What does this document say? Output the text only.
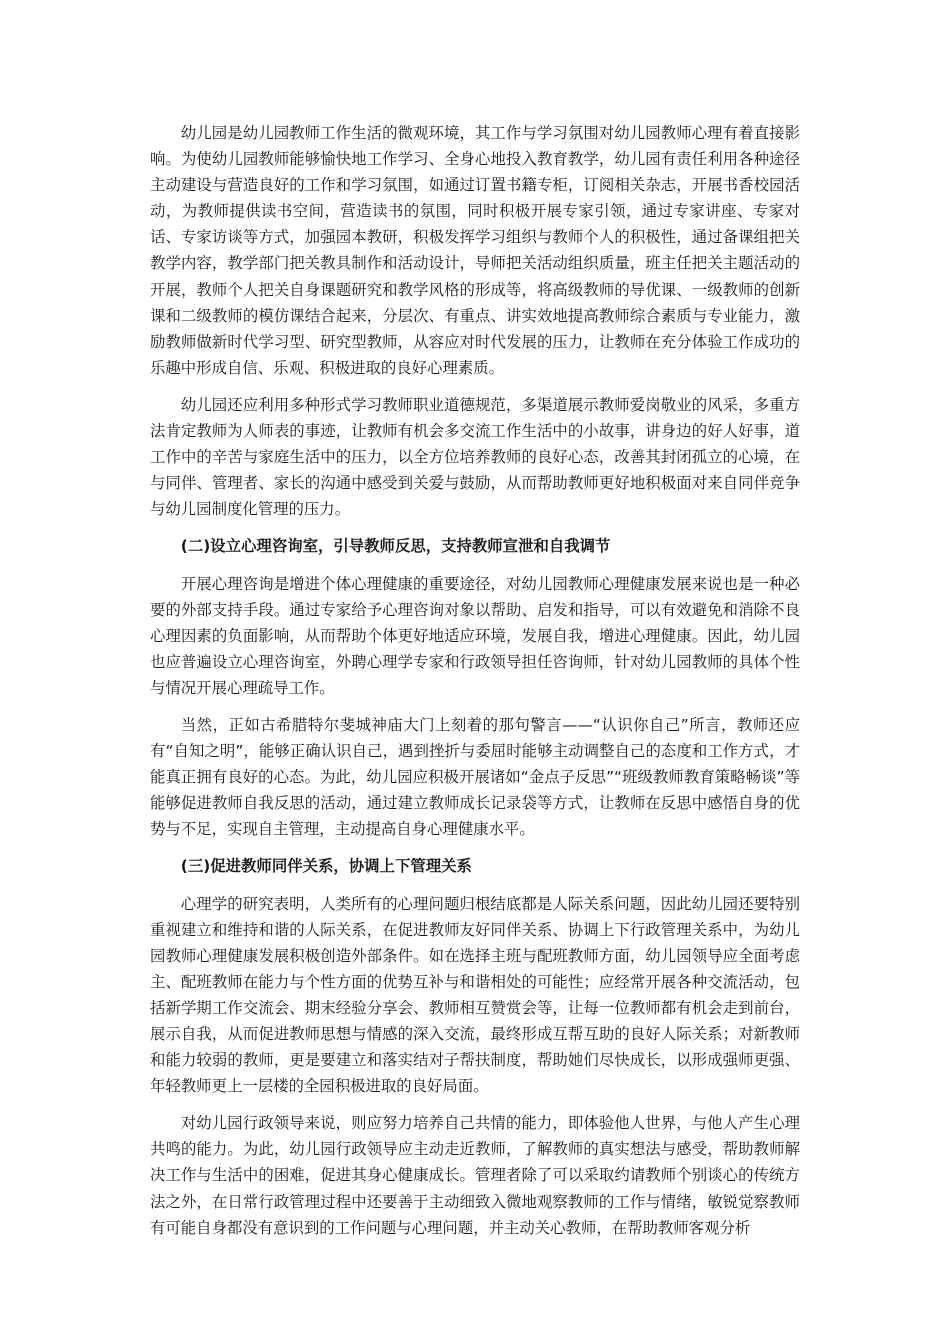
幼儿园是幼儿园教师工作生活的微观环境，其工作与学习氛围对幼儿园教师心理有着直接影响。为使幼儿园教师能够愉快地工作学习、全身心地投入教育教学，幼儿园有责任利用各种途径主动建设与营造良好的工作和学习氛围，如通过订置书籍专柜，订阅相关杂志，开展书香校园活动，为教师提供读书空间，营造读书的氛围，同时积极开展专家引领，通过专家讲座、专家对话、专家访谈等方式，加强园本教研，积极发挥学习组织与教师个人的积极性，通过备课组把关教学内容，教学部门把关教具制作和活动设计，导师把关活动组织质量，班主任把关主题活动的开展，教师个人把关自身课题研究和教学风格的形成等，将高级教师的导优课、一级教师的创新课和二级教师的模仿课结合起来，分层次、有重点、讲实效地提高教师综合素质与专业能力，激励教师做新时代学习型、研究型教师，从容应对时代发展的压力，让教师在充分体验工作成功的乐趣中形成自信、乐观、积极进取的良好心理素质。

幼儿园还应利用多种形式学习教师职业道德规范，多渠道展示教师爱岗敬业的风采，多重方法肯定教师为人师表的事迹，让教师有机会多交流工作生活中的小故事，讲身边的好人好事，道工作中的辛苦与家庭生活中的压力，以全方位培养教师的良好心态，改善其封闭孤立的心境，在与同伴、管理者、家长的沟通中感受到关爱与鼓励，从而帮助教师更好地积极面对来自同伴竞争与幼儿园制度化管理的压力。

(二)设立心理咨询室，引导教师反思，支持教师宣泄和自我调节

开展心理咨询是增进个体心理健康的重要途径，对幼儿园教师心理健康发展来说也是一种必要的外部支持手段。通过专家给予心理咨询对象以帮助、启发和指导，可以有效避免和消除不良心理因素的负面影响，从而帮助个体更好地适应环境，发展自我，增进心理健康。因此，幼儿园也应普遍设立心理咨询室，外聘心理学专家和行政领导担任咨询师，针对幼儿园教师的具体个性与情况开展心理疏导工作。

当然，正如古希腊特尔斐城神庙大门上刻着的那句警言——“认识你自己”所言，教师还应有“自知之明”，能够正确认识自己，遇到挫折与委屈时能够主动调整自己的态度和工作方式，才能真正拥有良好的心态。为此，幼儿园应积极开展诸如“金点子反思”“班级教师教育策略畅谈”等能够促进教师自我反思的活动，通过建立教师成长记录袋等方式，让教师在反思中感悟自身的优势与不足，实现自主管理，主动提高自身心理健康水平。

(三)促进教师同伴关系，协调上下管理关系

心理学的研究表明，人类所有的心理问题归根结底都是人际关系问题，因此幼儿园还要特别重视建立和维持和谐的人际关系，在促进教师友好同伴关系、协调上下行政管理关系中，为幼儿园教师心理健康发展积极创造外部条件。如在选择主班与配班教师方面，幼儿园领导应全面考虑主、配班教师在能力与个性方面的优势互补与和谐相处的可能性；应经常开展各种交流活动，包括新学期工作交流会、期末经验分享会、教师相互赞赏会等，让每一位教师都有机会走到前台，展示自我，从而促进教师思想与情感的深入交流，最终形成互帮互助的良好人际关系；对新教师和能力较弱的教师，更是要建立和落实结对子帮扶制度，帮助她们尽快成长，以形成强师更强、年轻教师更上一层楼的全园积极进取的良好局面。

对幼儿园行政领导来说，则应努力培养自己共情的能力，即体验他人世界，与他人产生心理共鸣的能力。为此，幼儿园行政领导应主动走近教师，了解教师的真实想法与感受，帮助教师解决工作与生活中的困难，促进其身心健康成长。管理者除了可以采取约请教师个别谈心的传统方法之外，在日常行政管理过程中还要善于主动细致入微地观察教师的工作与情绪，敏锐觉察教师有可能自身都没有意识到的工作问题与心理问题，并主动关心教师，在帮助教师客观分析
